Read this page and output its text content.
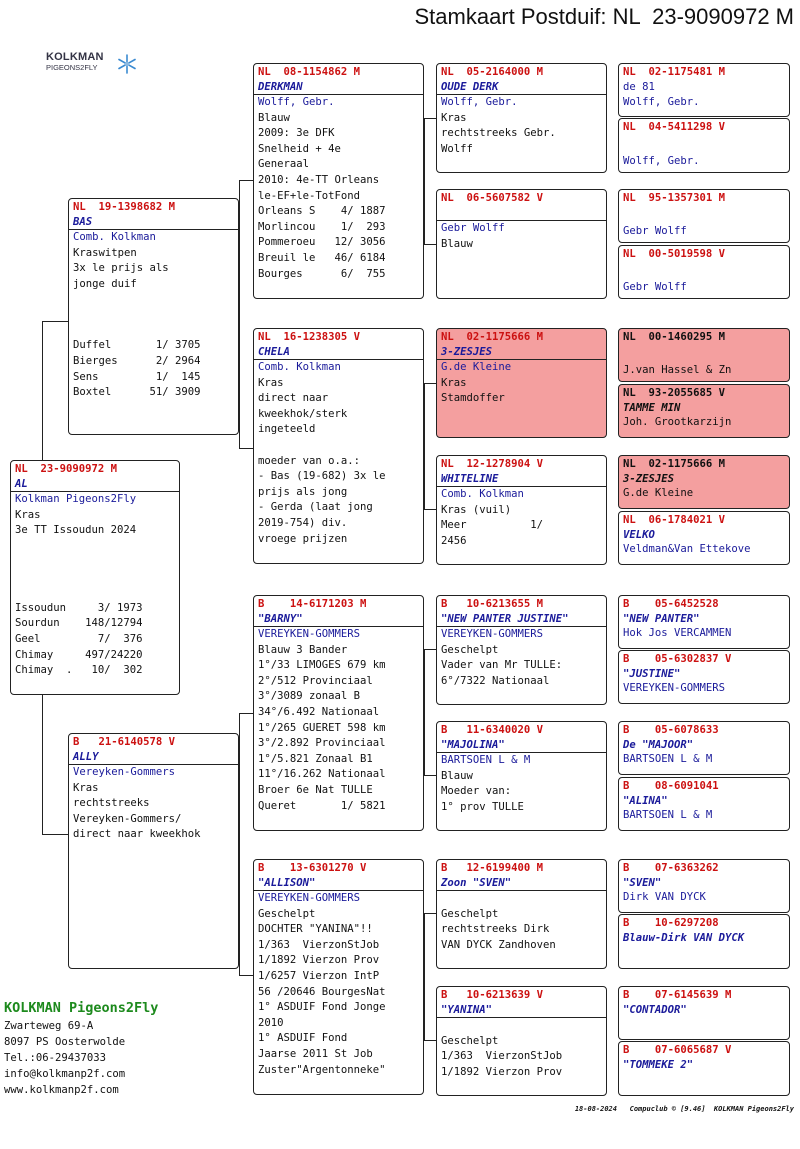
Stamkaart Postduif: NL  23-9090972 M
KOLKMAN
PIGEONS2FLY
NL  23-9090972 M
AL
Kolkman Pigeons2Fly
Kras
3e TT Issoudun 2024
Issoudun     3/ 1973
Sourdun    148/12794
Geel         7/  376
Chimay     497/24220
Chimay  .   10/  302
NL  19-1398682 M
BAS
Comb. Kolkman
Kraswitpen
3x le prijs als
jonge duif
Duffel       1/ 3705
Bierges      2/ 2964
Sens         1/  145
Boxtel      51/ 3909
B   21-6140578 V
ALLY
Vereyken-Gommers
Kras
rechtstreeks
Vereyken-Gommers/
direct naar kweekhok
NL  08-1154862 M
DERKMAN
Wolff, Gebr.
Blauw
2009: 3e DFK
Snelheid + 4e
Generaal
2010: 4e-TT Orleans
le-EF+le-TotFond
Orleans S    4/ 1887
Morlincou    1/  293
Pommeroeu   12/ 3056
Breuil le   46/ 6184
Bourges      6/  755
NL  16-1238305 V
CHELA
Comb. Kolkman
Kras
direct naar
kweekhok/sterk
ingeteeld
moeder van o.a.:
- Bas (19-682) 3x le
prijs als jong
- Gerda (laat jong
2019-754) div.
vroege prijzen
B    14-6171203 M
"BARNY"
VEREYKEN-GOMMERS
Blauw 3 Bander
1°/33 LIMOGES 679 km
2°/512 Provinciaal
3°/3089 zonaal B
34°/6.492 Nationaal
1°/265 GUERET 598 km
3°/2.892 Provinciaal
1°/5.821 Zonaal B1
11°/16.262 Nationaal
Broer 6e Nat TULLE
Queret       1/ 5821
B    13-6301270 V
"ALLISON"
VEREYKEN-GOMMERS
Geschelpt
DOCHTER "YANINA"!!
1/363  VierzonStJob
1/1892 Vierzon Prov
1/6257 Vierzon IntP
56 /20646 BourgesNat
1° ASDUIF Fond Jonge
2010
1° ASDUIF Fond
Jaarse 2011 St Job
Zuster"Argentonneke"
NL  05-2164000 M
OUDE DERK
Wolff, Gebr.
Kras
rechtstreeks Gebr.
Wolff
NL  06-5607582 V
Gebr Wolff
Blauw
NL  02-1175666 M
3-ZESJES
G.de Kleine
Kras
Stamdoffer
NL  12-1278904 V
WHITELINE
Comb. Kolkman
Kras (vuil)
Meer          1/
2456
B   10-6213655 M
"NEW PANTER JUSTINE"
VEREYKEN-GOMMERS
Geschelpt
Vader van Mr TULLE:
6°/7322 Nationaal
B   11-6340020 V
"MAJOLINA"
BARTSOEN L & M
Blauw
Moeder van:
1° prov TULLE
B   12-6199400 M
Zoon "SVEN"
Geschelpt
rechtstreeks Dirk
VAN DYCK Zandhoven
B   10-6213639 V
"YANINA"
Geschelpt
1/363  VierzonStJob
1/1892 Vierzon Prov
NL  02-1175481 M
de 81
Wolff, Gebr.
NL  04-5411298 V
Wolff, Gebr.
NL  95-1357301 M
Gebr Wolff
NL  00-5019598 V
Gebr Wolff
NL  00-1460295 M
J.van Hassel & Zn
NL  93-2055685 V
TAMME MIN
Joh. Grootkarzijn
NL  02-1175666 M
3-ZESJES
G.de Kleine
NL  06-1784021 V
VELKO
Veldman&Van Ettekove
B    05-6452528
"NEW PANTER"
Hok Jos VERCAMMEN
B    05-6302837 V
"JUSTINE"
VEREYKEN-GOMMERS
B    05-6078633
De "MAJOOR"
BARTSOEN L & M
B    08-6091041
"ALINA"
BARTSOEN L & M
B    07-6363262
"SVEN"
Dirk VAN DYCK
B    10-6297208
Blauw-Dirk VAN DYCK
B    07-6145639 M
"CONTADOR"
B    07-6065687 V
"TOMMEKE 2"
KOLKMAN Pigeons2Fly
Zwarteweg 69-A
8097 PS Oosterwolde
Tel.:06-29437033
info@kolkmanp2f.com
www.kolkmanp2f.com
18-08-2024   Compuclub © [9.46]  KOLKMAN Pigeons2Fly
